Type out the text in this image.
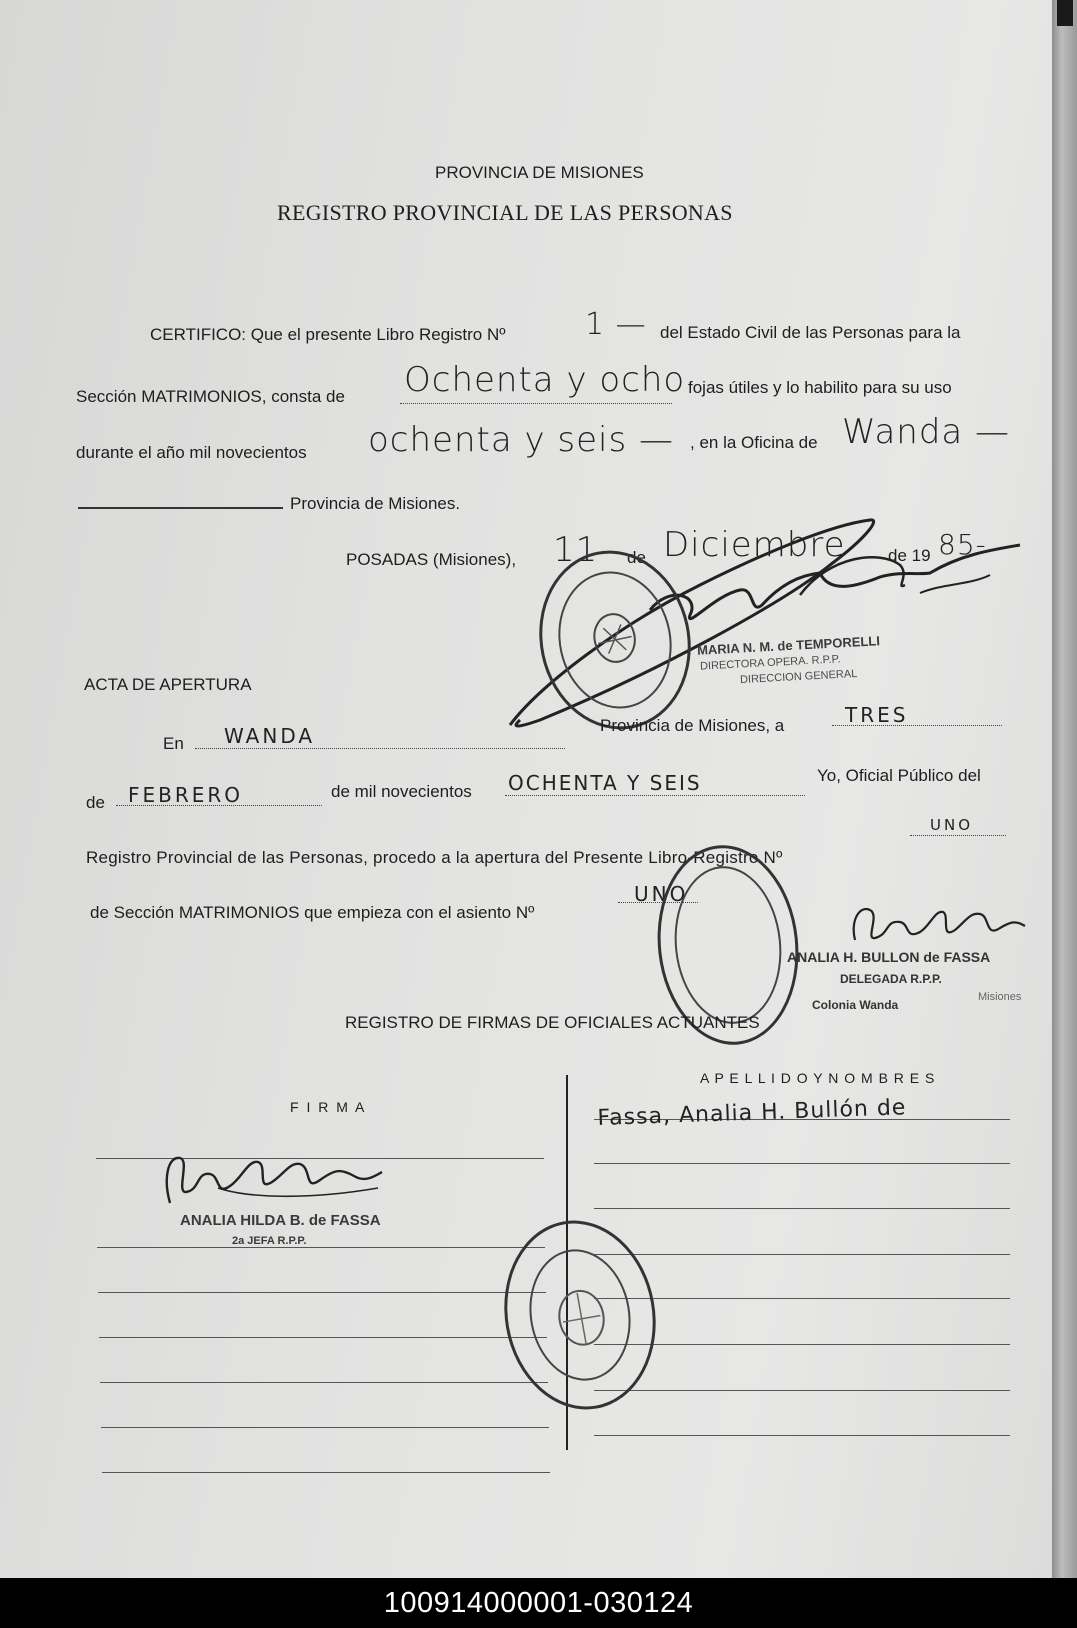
PROVINCIA DE MISIONES
REGISTRO PROVINCIAL DE LAS PERSONAS
CERTIFICO: Que el presente Libro Registro Nº	1 — del Estado Civil de las Personas para la
Sección MATRIMONIOS, consta de Ochenta y ocho fojas útiles y lo habilito para su uso
durante el año mil novecientos ochenta y seis — , en la Oficina de Wanda —
Provincia de Misiones.
POSADAS (Misiones), 11 de Diciembre de 19 85-
MARIA N. M. de TEMPORELLI
DIRECTORA OPERA. R.P.P.
DIRECCION GENERAL
ACTA DE APERTURA
En WANDA	Provincia de Misiones, a	TRES
de FEBRERO	de mil novecientos OCHENTA Y SEIS	Yo, Oficial Público del
Registro Provincial de las Personas, procedo a la apertura del Presente Libro-Registro Nº
UNO
de Sección MATRIMONIOS que empieza con el asiento Nº
UNO
ANALIA H. BULLON de FASSA
DELEGADA R.P.P.
Colonia Wanda
Misiones
REGISTRO DE FIRMAS DE OFICIALES ACTUANTES
F I R M A
A P E L L I D O Y N O M B R E S
Fassa, Analia H. Bullón de
ANALIA HILDA B. de FASSA
2a JEFA R.P.P.
100914000001-030124
